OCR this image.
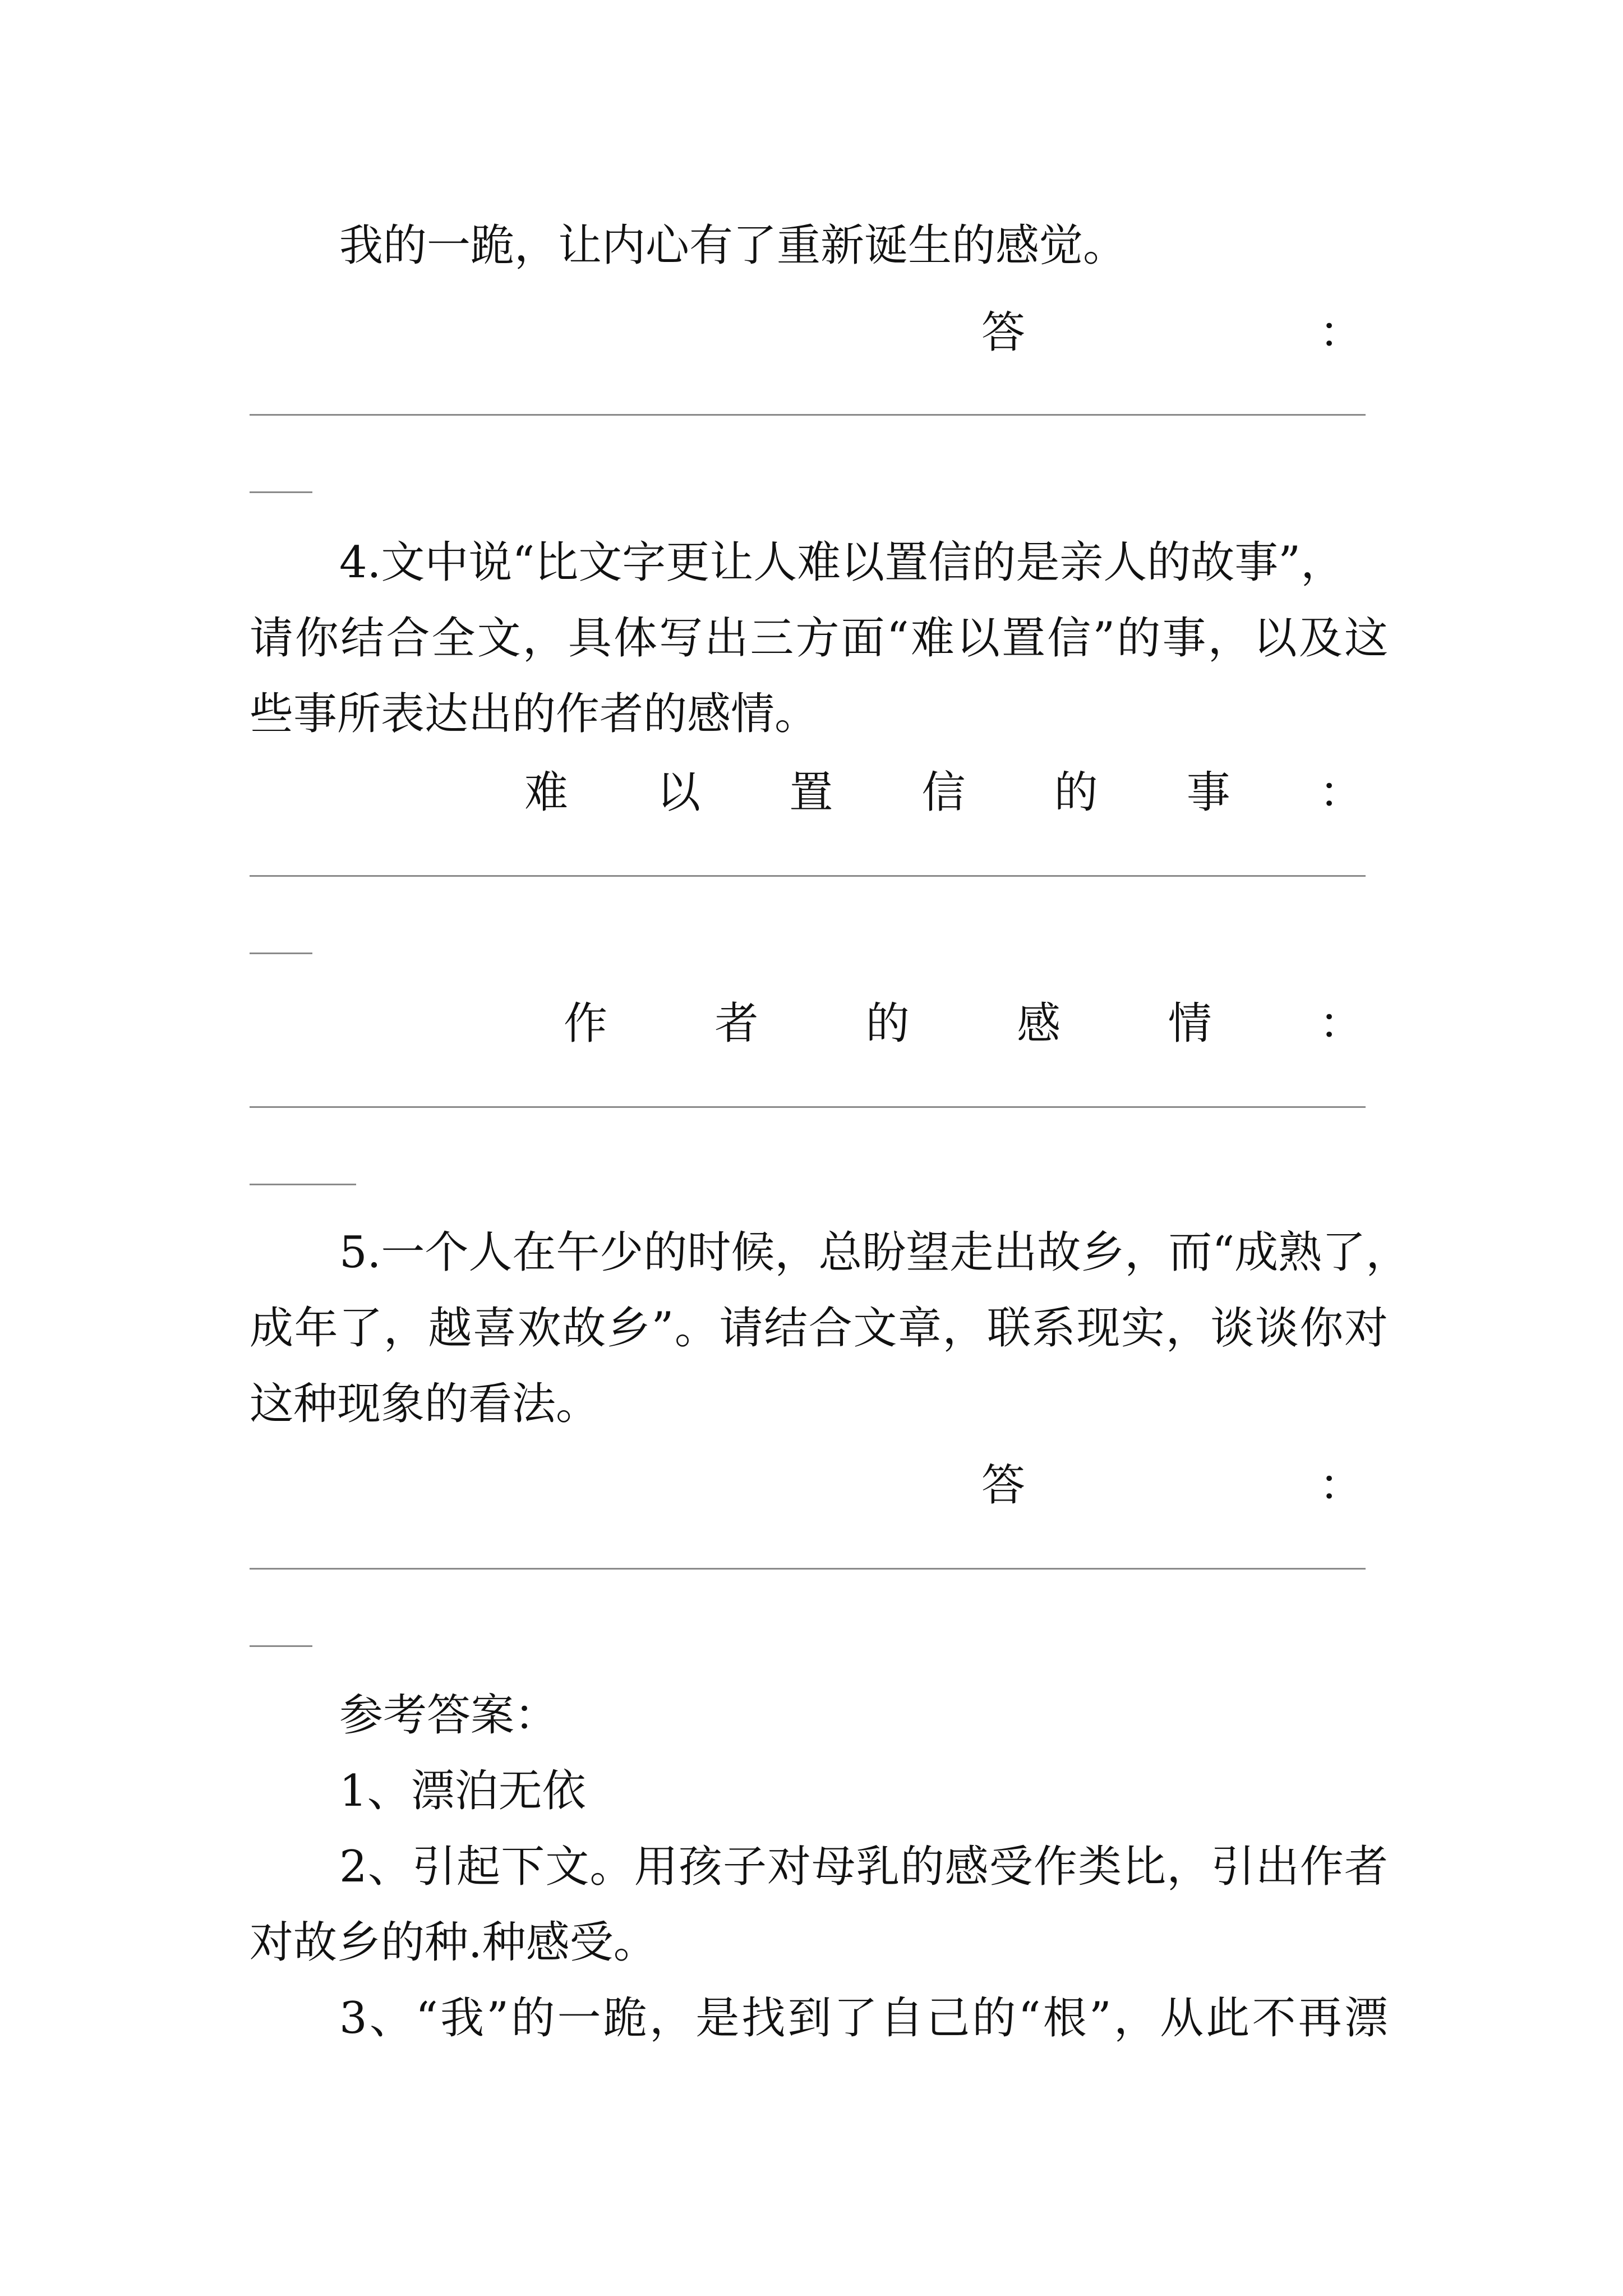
我的一跪，让内心有了重新诞生的感觉。
答	：
4.文中说“比文字更让人难以置信的是亲人的故事”，
请你结合全文，具体写出三方面“难以置信”的事，以及这
些事所表达出的作者的感情。
难 以 置 信 的 事 ：
作 者 的 感 情 ：
5.一个人在午少的时候，总盼望走出故乡，而“成熟了，
成年了，越喜欢故乡”。请结合文章，联系现实，谈谈你对
这种现象的看法。
答	：
参考答案：
1、漂泊无依
2、引起下文。用孩子对母乳的感受作类比，引出作者
对故乡的种.种感受。
3、“我”的一跪，是找到了自己的“根”，从此不再漂
